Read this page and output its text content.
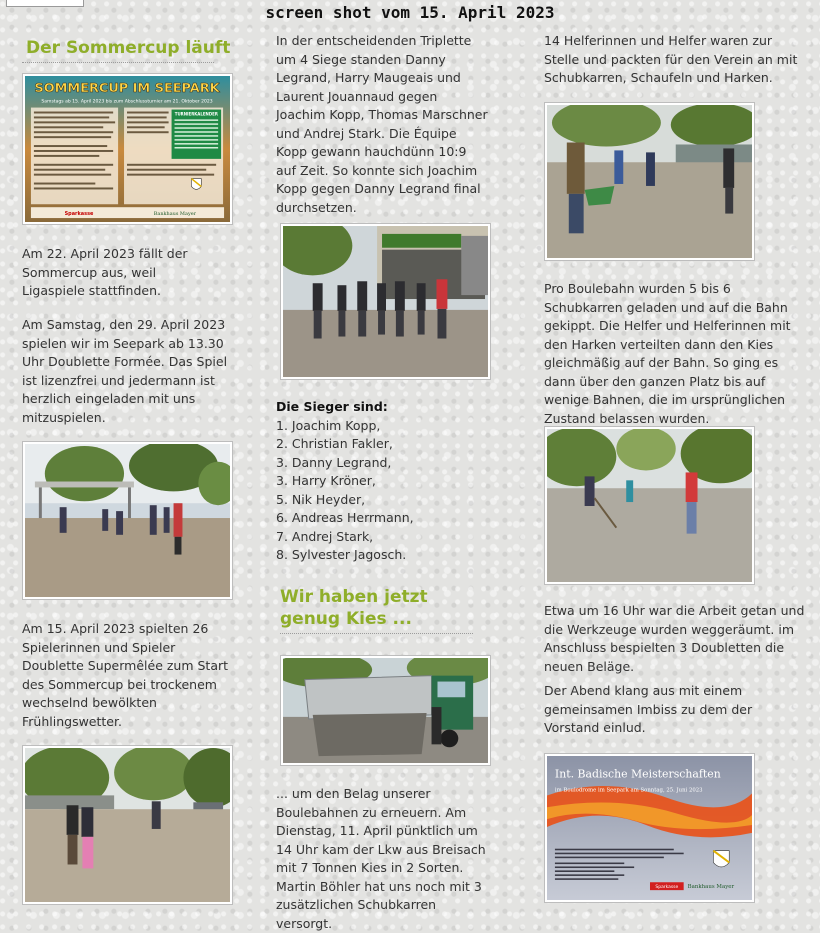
screen shot vom 15. April 2023
Der Sommercup läuft
SOMMERCUP IM SEEPARK
Samstags ab 15. April 2023 bis zum Abschlussturnier am 21. Oktober 2023
TURNIERKALENDER
Sparkasse	Bankhaus Mayer

Am 22. April 2023 fällt der Sommercup aus, weil Ligaspiele stattfinden.

Am Samstag, den 29. April 2023 spielen wir im Seepark ab 13.30 Uhr Doublette Formée. Das Spiel ist lizenzfrei und jedermann ist herzlich eingeladen mit uns mitzuspielen.

Am 15. April 2023 spielten 26 Spielerinnen und Spieler Doublette Supermêlée zum Start des Sommercup bei trockenem wechselnd bewölkten Frühlingswetter.

In der entscheidenden Triplette um 4 Siege standen Danny Legrand, Harry Maugeais und Laurent Jouannaud gegen Joachim Kopp, Thomas Marschner und Andrej Stark. Die Équipe Kopp gewann hauchdünn 10:9 auf Zeit. So konnte sich Joachim Kopp gegen Danny Legrand final durchsetzen.

Die Sieger sind:
1. Joachim Kopp,
2. Christian Fakler,
3. Danny Legrand,
3. Harry Kröner,
5. Nik Heyder,
6. Andreas Herrmann,
7. Andrej Stark,
8. Sylvester Jagosch.
Wir haben jetzt
genug Kies ...

... um den Belag unserer Boulebahnen zu erneuern. Am Dienstag, 11. April pünktlich um 14 Uhr kam der Lkw aus Breisach mit 7 Tonnen Kies in 2 Sorten. Martin Böhler hat uns noch mit 3 zusätzlichen Schubkarren versorgt.

14 Helferinnen und Helfer waren zur Stelle und packten für den Verein an mit Schubkarren, Schaufeln und Harken.

Pro Boulebahn wurden 5 bis 6 Schubkarren geladen und auf die Bahn gekippt. Die Helfer und Helferinnen mit den Harken verteilten dann den Kies gleichmäßig auf der Bahn. So ging es dann über den ganzen Platz bis auf wenige Bahnen, die im ursprünglichen Zustand belassen wurden.

Etwa um 16 Uhr war die Arbeit getan und die Werkzeuge wurden weggeräumt. im Anschluss bespielten 3 Doubletten die neuen Beläge.

Der Abend klang aus mit einem gemeinsamen Imbiss zu dem der Vorstand einlud.

Int. Badische Meisterschaften
im Boulodrome im Seepark am Sonntag, 25. Juni 2023
Sparkasse Bankhaus Mayer
